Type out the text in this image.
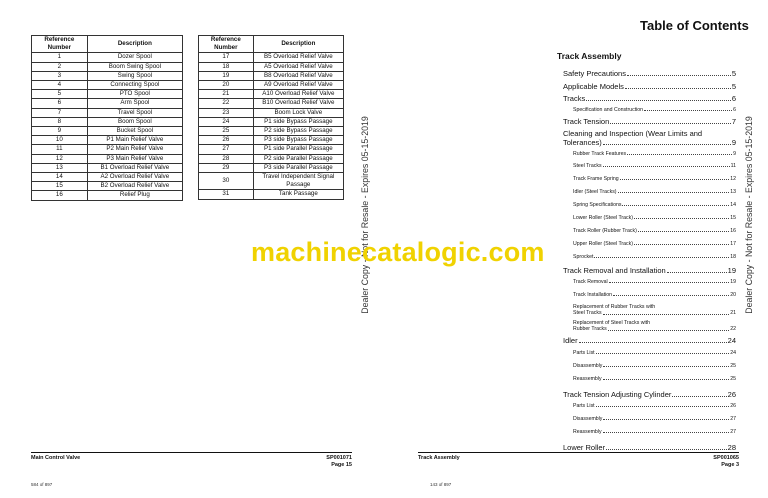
Reference Number	Description
1	Dozer Spool
2	Boom Swing Spool
3	Swing Spool
4	Connecting Spool
5	PTO Spool
6	Arm Spool
7	Travel Spool
8	Boom Spool
9	Bucket Spool
10	P1 Main Relief Valve
11	P2 Main Relief Valve
12	P3 Main Relief Valve
13	B1 Overload Relief Valve
14	A2 Overload Relief Valve
15	B2 Overload Relief Valve
16	Relief Plug
Reference Number	Description
17	B5 Overload Relief Valve
18	A5 Overload Relief Valve
19	B8 Overload Relief Valve
20	A9 Overload Relief Valve
21	A10 Overload Relief Valve
22	B10 Overload Relief Valve
23	Boom Lock Valve
24	P1 side Bypass Passage
25	P2 side Bypass Passage
26	P3 side Bypass Passage
27	P1 side Parallel Passage
28	P2 side Parallel Passage
29	P3 side Parallel Passage
30	Travel Independent Signal Passage
31	Tank Passage	Dealer Copy - Not for Resale - Expires 05-15-2019	Dealer Copy - Not for Resale - Expires 05-15-2019
machinecatalogic.com
Table of Contents
Track Assembly
Safety Precautions	5
Applicable Models	5
Tracks	6
Specification and Construction	6
Track Tension	7
Cleaning and Inspection (Wear Limits and
Tolerances)	9
Rubber Track Features	9
Steel Tracks	11
Track Frame Spring	12
Idler (Steel Tracks)	13
Spring Specifications	14
Lower Roller (Steel Track)	15
Track Roller (Rubber Track)	16
Upper Roller (Steel Track)	17
Sprocket	18
Track Removal and Installation	19
Track Removal	19
Track Installation	20
Replacement of Rubber Tracks with
Steel Tracks	21
Replacement of Steel Tracks with
Rubber Tracks	22
Idler	24
Parts List	24
Disassembly	25
Reassembly	25
Track Tension Adjusting Cylinder	26
Parts List	26
Disassembly	27
Reassembly	27
Lower Roller	28
Main Control Valve	SP001071
Page 15
584 of 897
Track Assembly	SP001065
Page 3
143 of 897
